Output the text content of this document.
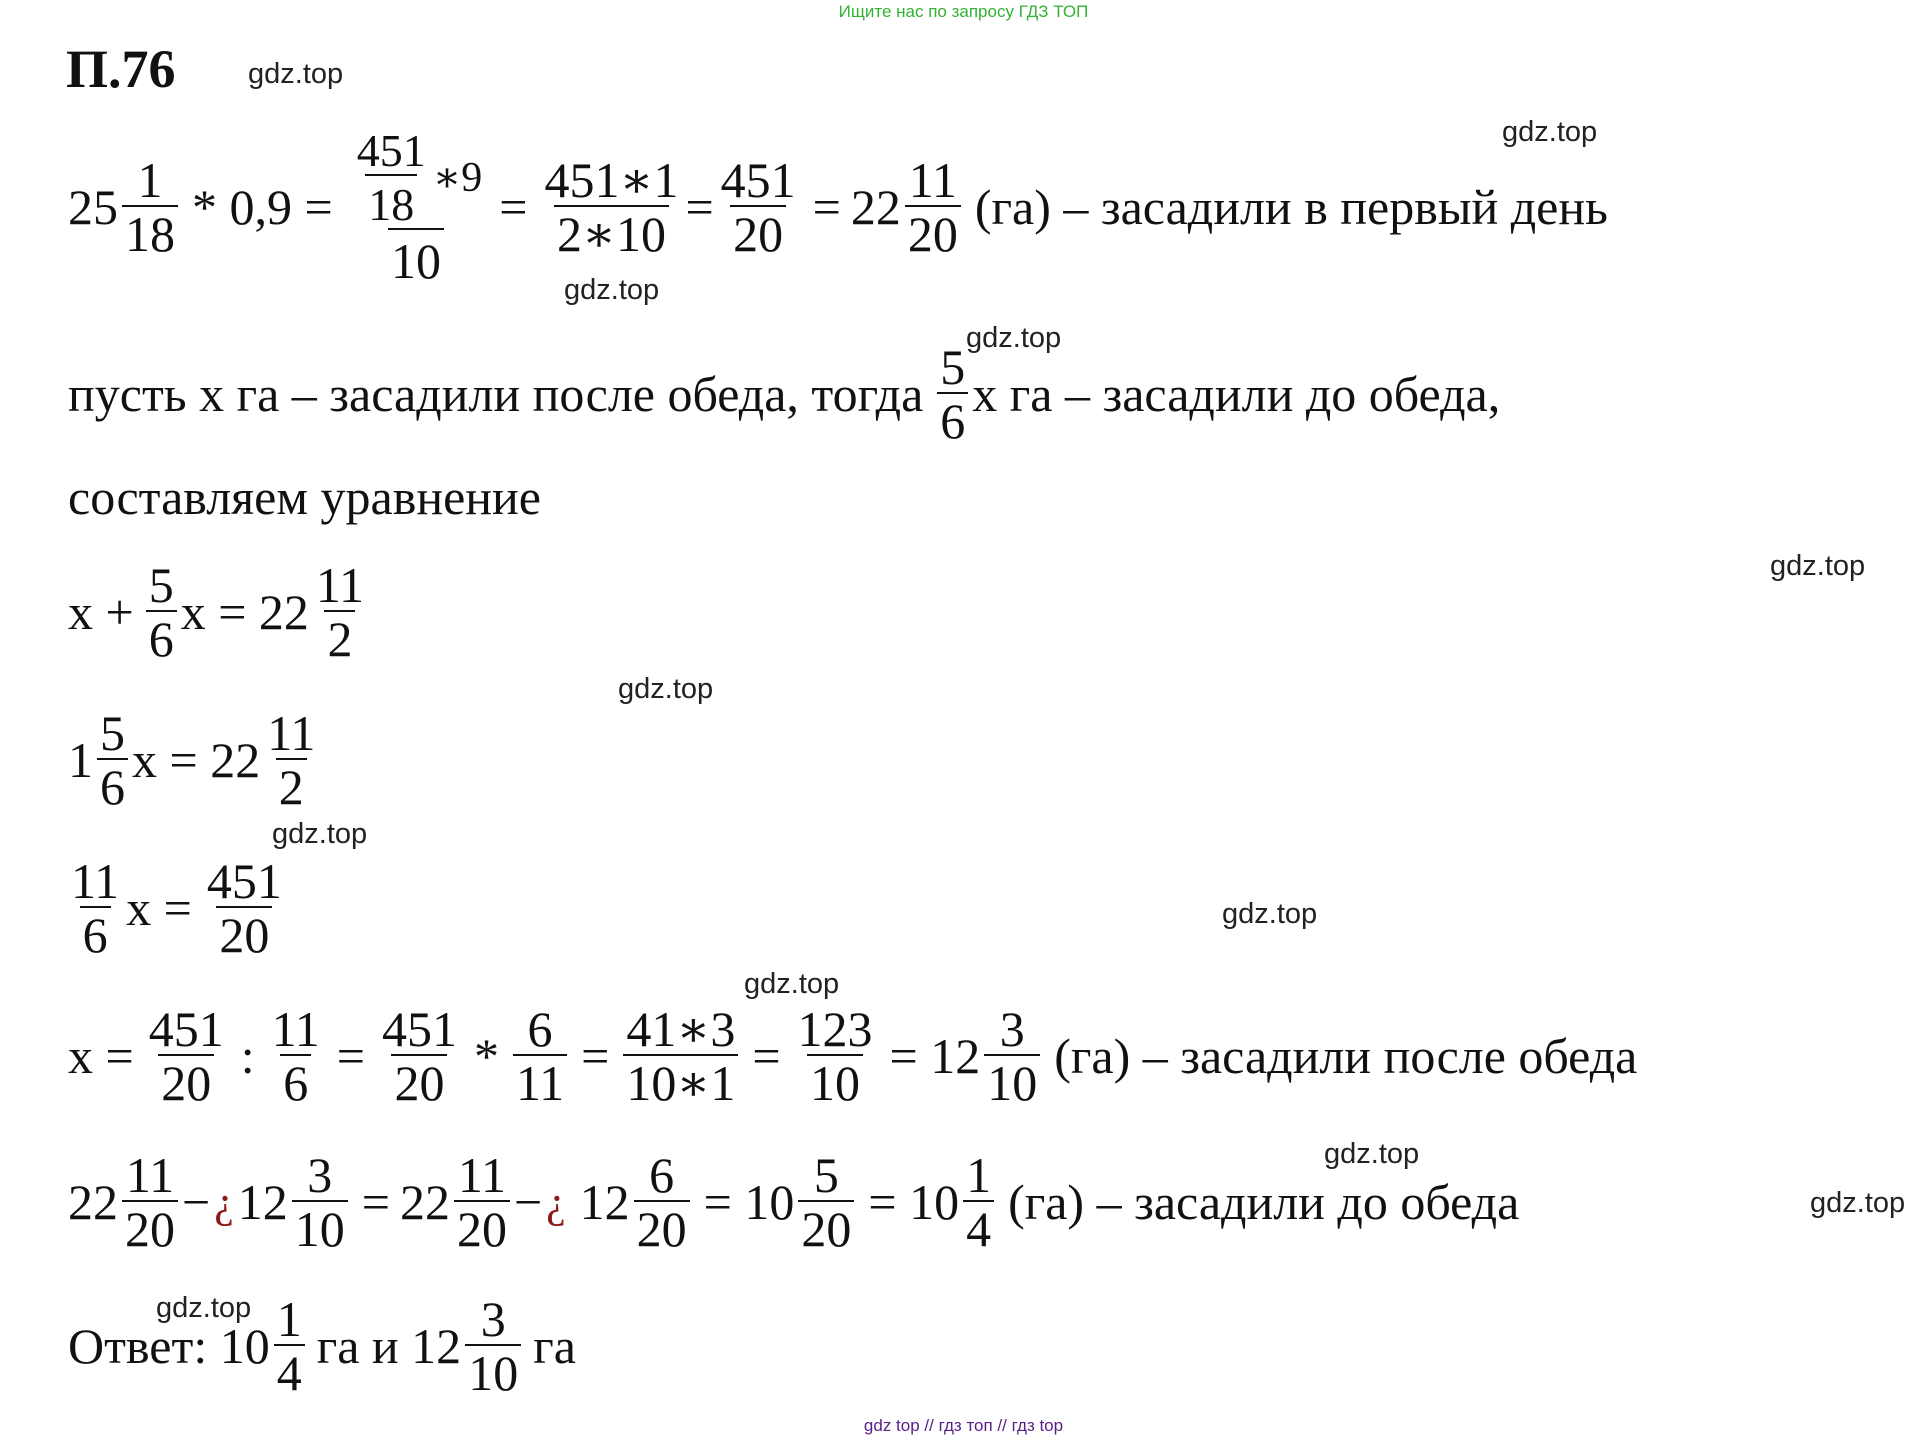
Ищите нас по запросу ГДЗ ТОП
П.76 gdz.top
gdz.top
gdz.top
gdz.top
gdz.top
gdz.top
gdz.top
gdz.top
gdz.top
gdz.top
gdz.top
gdz.top
$25 \frac{1}{18} * 0,9 = \frac{\frac{451}{18} ∗9}{10} = \frac{451∗1}{2∗10} = \frac{451}{20} = 22 \frac{11}{20} (га)$ – засадили в первый день
пусть х га – засадили после обеда, тогда $\frac{5}{6}$ х га – засадили до обеда,
составляем уравнение
$х + \frac{5}{6}$ $х = 22 \frac{11}{2}$
$1 \frac{5}{6}$ $х = 22 \frac{11}{2}$
$\frac{11}{6}$ $х = \frac{451}{20}$
$х = \frac{451}{20}$ : $\frac{11}{6} = \frac{451}{20} * \frac{6}{11} = \frac{41∗3}{10∗1} = \frac{123}{10} = 12 \frac{3}{10} (га)$ – засадили после обеда
$22 \frac{11}{20}$ − ¿ $12 \frac{3}{10} = 22 \frac{11}{20}$ − ¿ $12 \frac{6}{20} = 10 \frac{5}{20} = 10 \frac{1}{4} (га)$ – засадили до обеда
Ответ: $10 \frac{1}{4}$ га и $12 \frac{3}{10}$ га
gdz top // гдз топ // гдз top
